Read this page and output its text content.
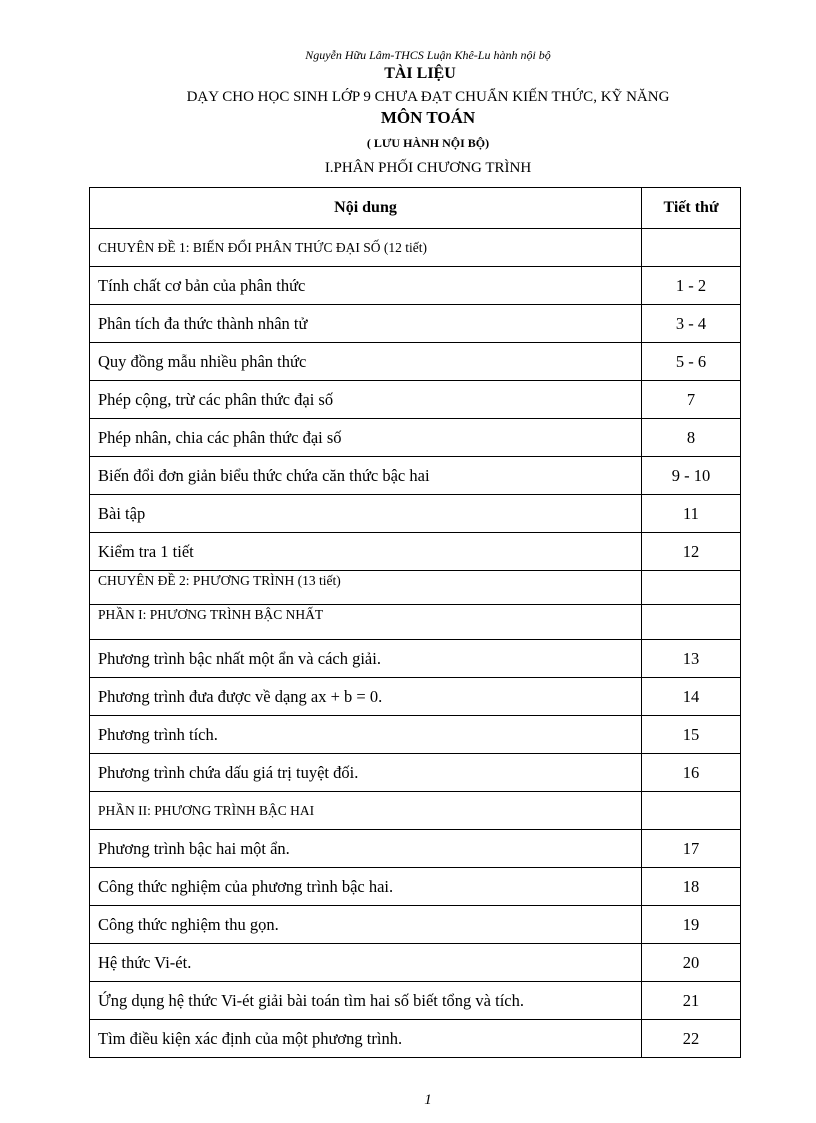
Nguyễn Hữu Lâm-THCS Luận Khê-Lu hành nội bộ
TÀI LIỆU
DẠY CHO HỌC SINH LỚP 9 CHƯA ĐẠT CHUẨN KIẾN THỨC, KỸ NĂNG
MÔN TOÁN
( LƯU HÀNH NỘI BỘ)
I.PHÂN PHỐI CHƯƠNG TRÌNH
Nội dung	Tiết thứ
CHUYÊN ĐỀ 1: BIẾN ĐỔI PHÂN THỨC ĐẠI SỐ (12 tiết)	
Tính chất cơ bản của phân thức	1 - 2
Phân tích đa thức thành nhân tử	3 - 4
Quy đồng mẫu nhiều phân thức	5 - 6
Phép cộng, trừ các phân thức đại số	7
Phép nhân, chia các phân thức đại số	8
Biến đổi đơn giản biểu thức chứa căn thức bậc hai	9 - 10
Bài tập	11
Kiểm tra 1 tiết	12
CHUYÊN ĐỀ 2: PHƯƠNG TRÌNH (13 tiết)	
PHẦN I: PHƯƠNG TRÌNH BẬC NHẤT	
Phương trình bậc nhất một ẩn và cách giải.	13
Phương trình đưa được về dạng ax + b = 0.	14
Phương trình tích.	15
Phương trình chứa dấu giá trị tuyệt đối.	16
PHẦN II: PHƯƠNG TRÌNH BẬC HAI	
Phương trình bậc hai một ẩn.	17
Công thức nghiệm của phương trình bậc hai.	18
Công thức nghiệm thu gọn.	19
Hệ thức Vi-ét.	20
Ứng dụng hệ thức Vi-ét giải bài toán tìm hai số biết tổng và tích.	21
Tìm điều kiện xác định của một phương trình.	22
1
